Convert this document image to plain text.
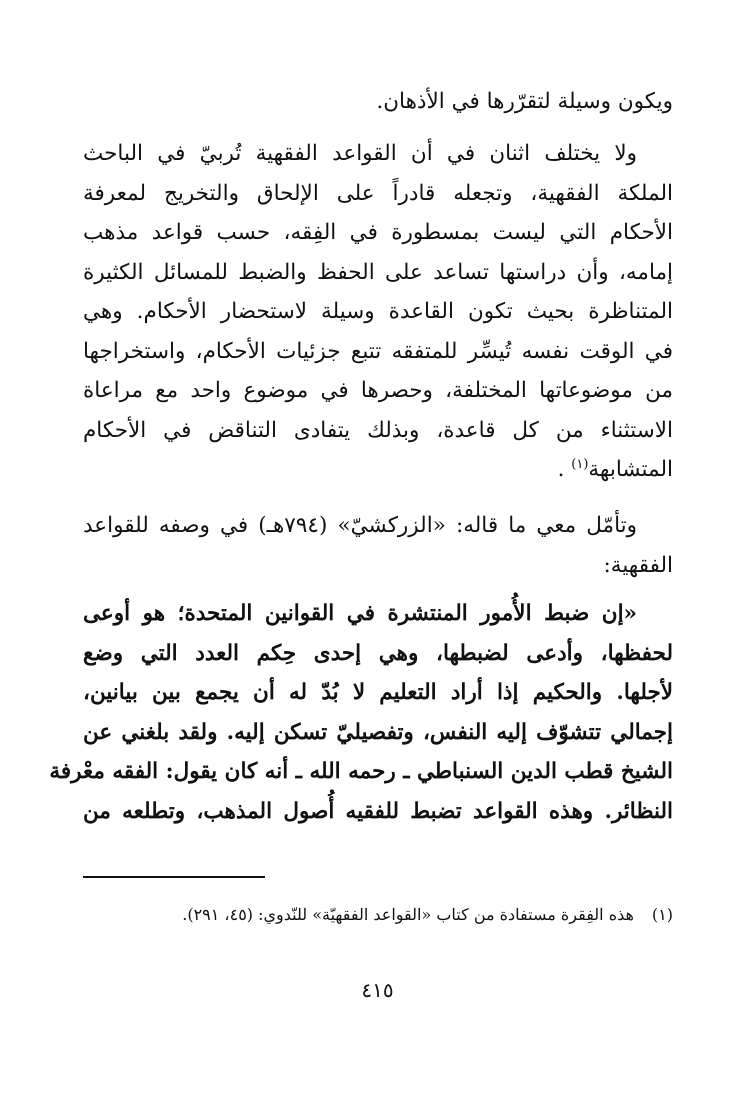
ويكون وسيلة لتقرّرها في الأذهان.
ولا يختلف اثنان في أن القواعد الفقهية تُربيّ في الباحث
الملكة الفقهية، وتجعله قادراً على الإلحاق والتخريج لمعرفة
الأحكام التي ليست بمسطورة في الفِقه، حسب قواعد مذهب
إمامه، وأن دراستها تساعد على الحفظ والضبط للمسائل الكثيرة
المتناظرة بحيث تكون القاعدة وسيلة لاستحضار الأحكام. وهي
في الوقت نفسه تُيسِّر للمتفقه تتبع جزئيات الأحكام، واستخراجها
من موضوعاتها المختلفة، وحصرها في موضوع واحد مع مراعاة
الاستثناء من كل قاعدة، وبذلك يتفادى التناقض في الأحكام
المتشابهة$^{(١)}$ .
وتأمّل معي ما قاله: «الزركشيّ» (٧٩٤هـ) في وصفه للقواعد
الفقهية:
«إن ضبط الأُمور المنتشرة في القوانين المتحدة؛ هو أوعى
لحفظها، وأدعى لضبطها، وهي إحدى حِكم العدد التي وضع
لأجلها. والحكيم إذا أراد التعليم لا بُدّ له أن يجمع بين بيانين،
إجمالي تتشوّف إليه النفس، وتفصيليّ تسكن إليه. ولقد بلغني عن
الشيخ قطب الدين السنباطي ـ رحمه الله ـ أنه كان يقول: الفقه معْرفة
النظائر. وهذه القواعد تضبط للفقيه أُصول المذهب، وتطلعه من
(١)هذه الفِقرة مستفادة من كتاب «القواعد الفقهيّة» للنّدوي: (٤٥، ٢٩١).
٤١٥
